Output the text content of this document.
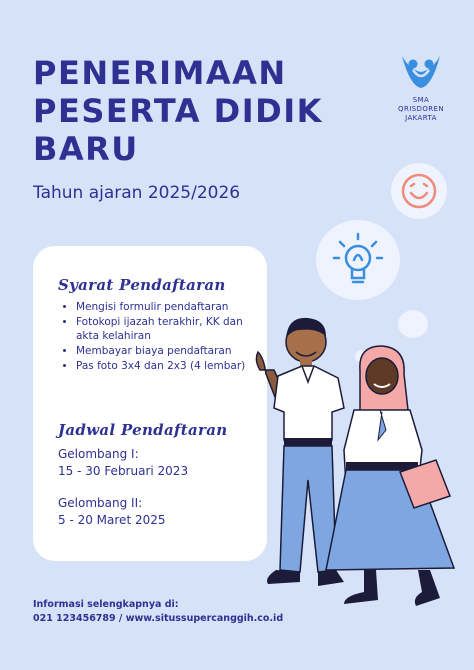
PENERIMAAN PESERTA DIDIK BARU
Tahun ajaran 2025/2026
SMA
QRISDOREN
JAKARTA
Syarat Pendaftaran
• Mengisi formulir pendaftaran
• Fotokopi ijazah terakhir, KK dan akta kelahiran
• Membayar biaya pendaftaran
• Pas foto 3x4 dan 2x3 (4 lembar)
Jadwal Pendaftaran
Gelombang I:
15 - 30 Februari 2023
Gelombang II:
5 - 20 Maret 2025
Informasi selengkapnya di:
021 123456789 / www.situssupercanggih.co.id
